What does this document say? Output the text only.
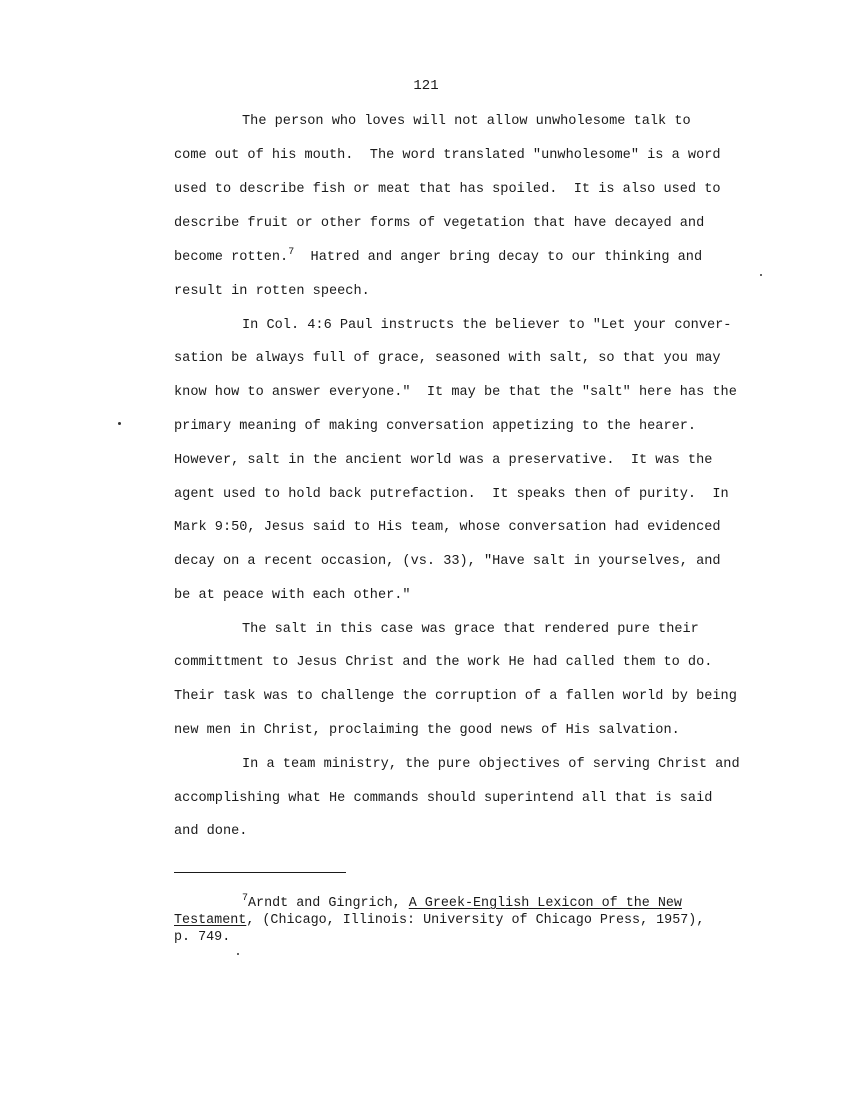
121
The person who loves will not allow unwholesome talk to
come out of his mouth.  The word translated "unwholesome" is a word
used to describe fish or meat that has spoiled.  It is also used to
describe fruit or other forms of vegetation that have decayed and
become rotten.$^7$  Hatred and anger bring decay to our thinking and
result in rotten speech.
In Col. 4:6 Paul instructs the believer to "Let your conver-
sation be always full of grace, seasoned with salt, so that you may
know how to answer everyone."  It may be that the "salt" here has the
primary meaning of making conversation appetizing to the hearer.
However, salt in the ancient world was a preservative.  It was the
agent used to hold back putrefaction.  It speaks then of purity.  In
Mark 9:50, Jesus said to His team, whose conversation had evidenced
decay on a recent occasion, (vs. 33), "Have salt in yourselves, and
be at peace with each other."
The salt in this case was grace that rendered pure their
committment to Jesus Christ and the work He had called them to do.
Their task was to challenge the corruption of a fallen world by being
new men in Christ, proclaiming the good news of His salvation.
In a team ministry, the pure objectives of serving Christ and
accomplishing what He commands should superintend all that is said
and done.
$^7$Arndt and Gingrich, A Greek-English Lexicon of the New
Testament, (Chicago, Illinois: University of Chicago Press, 1957),
p. 749.
